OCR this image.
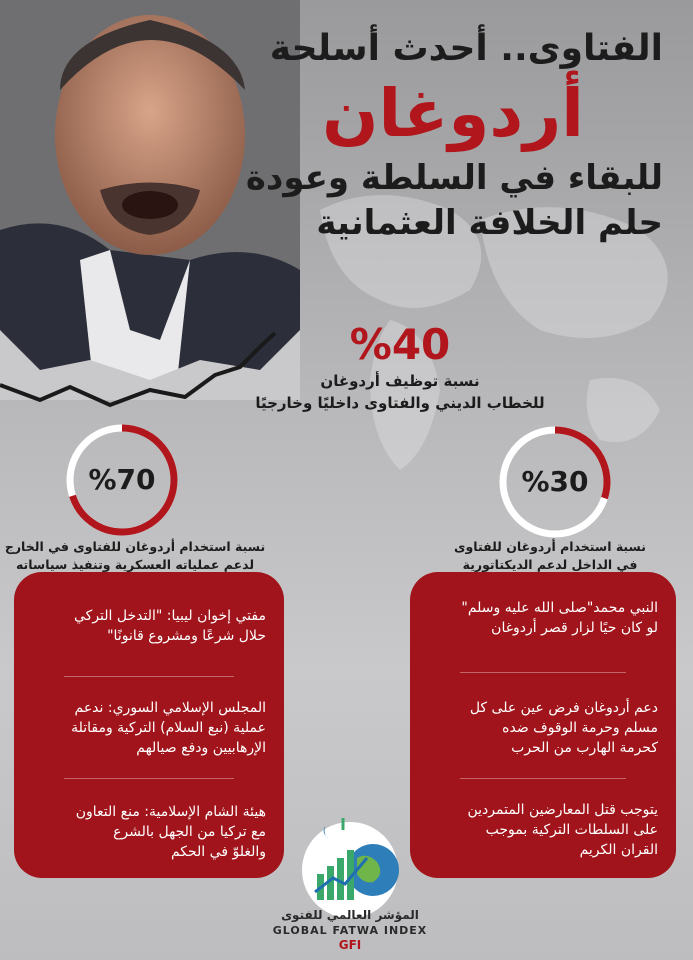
الفتاوى.. أحدث أسلحة

أردوغان

للبقاء في السلطة وعودة

حلم الخلافة العثمانية

%40
نسبة توظيف أردوغان
للخطاب الديني والفتاوى داخليًا وخارجيًا
%70
نسبة استخدام أردوغان للفتاوى في الخارج
لدعم عملياته العسكرية وتنفيذ سياساته
%30
نسبة استخدام أردوغان للفتاوى
في الداخل لدعم الديكتاتورية
النبي محمد"صلى الله عليه وسلم"
لو كان حيًا لزار قصر أردوغان
دعم أردوغان فرض عين على كل
مسلم وحرمة الوقوف ضده
كحرمة الهارب من الحرب
يتوجب قتل المعارضين المتمردين
على السلطات التركية بموجب
القران الكريم
مفتي إخوان ليبيا: "التدخل التركي
حلال شرعًا ومشروع قانونًا"
المجلس الإسلامي السوري: ندعم
عملية (نبع السلام) التركية ومقاتلة
الإرهابيين ودفع صيالهم
هيئة الشام الإسلامية: منع التعاون
مع تركيا من الجهل بالشرع
والغلوّ في الحكم
المؤشر العالمي للفتوى
GLOBAL FATWA INDEX
GFI
